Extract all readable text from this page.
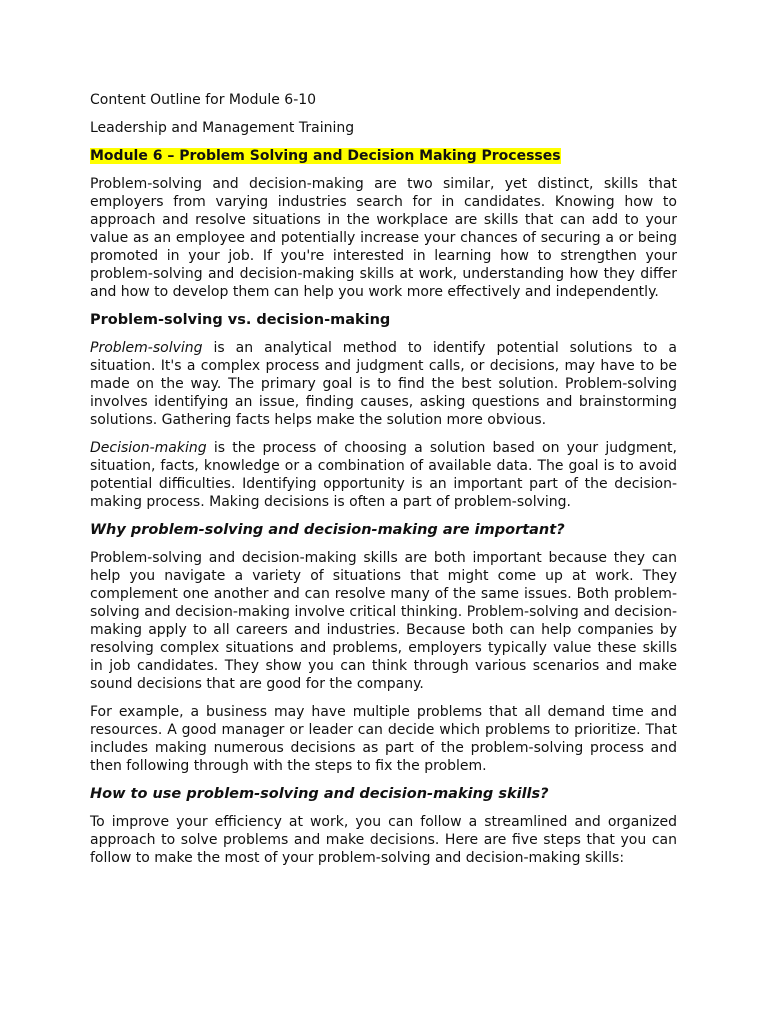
Content Outline for Module 6-10
Leadership and Management Training
Module 6 – Problem Solving and Decision Making Processes

Problem-solving and decision-making are two similar, yet distinct, skills that employers from varying industries search for in candidates. Knowing how to approach and resolve situations in the workplace are skills that can add to your value as an employee and potentially increase your chances of securing a or being promoted in your job. If you're interested in learning how to strengthen your problem-solving and decision-making skills at work, understanding how they differ and how to develop them can help you work more effectively and independently.

Problem-solving vs. decision-making

Problem-solving is an analytical method to identify potential solutions to a situation. It's a complex process and judgment calls, or decisions, may have to be made on the way. The primary goal is to find the best solution. Problem-solving involves identifying an issue, finding causes, asking questions and brainstorming solutions. Gathering facts helps make the solution more obvious.

Decision-making is the process of choosing a solution based on your judgment, situation, facts, knowledge or a combination of available data. The goal is to avoid potential difficulties. Identifying opportunity is an important part of the decision-making process. Making decisions is often a part of problem-solving.

Why problem-solving and decision-making are important?

Problem-solving and decision-making skills are both important because they can help you navigate a variety of situations that might come up at work. They complement one another and can resolve many of the same issues. Both problem-solving and decision-making involve critical thinking. Problem-solving and decision-making apply to all careers and industries. Because both can help companies by resolving complex situations and problems, employers typically value these skills in job candidates. They show you can think through various scenarios and make sound decisions that are good for the company.

For example, a business may have multiple problems that all demand time and resources. A good manager or leader can decide which problems to prioritize. That includes making numerous decisions as part of the problem-solving process and then following through with the steps to fix the problem.

How to use problem-solving and decision-making skills?

To improve your efficiency at work, you can follow a streamlined and organized approach to solve problems and make decisions. Here are five steps that you can follow to make the most of your problem-solving and decision-making skills:
